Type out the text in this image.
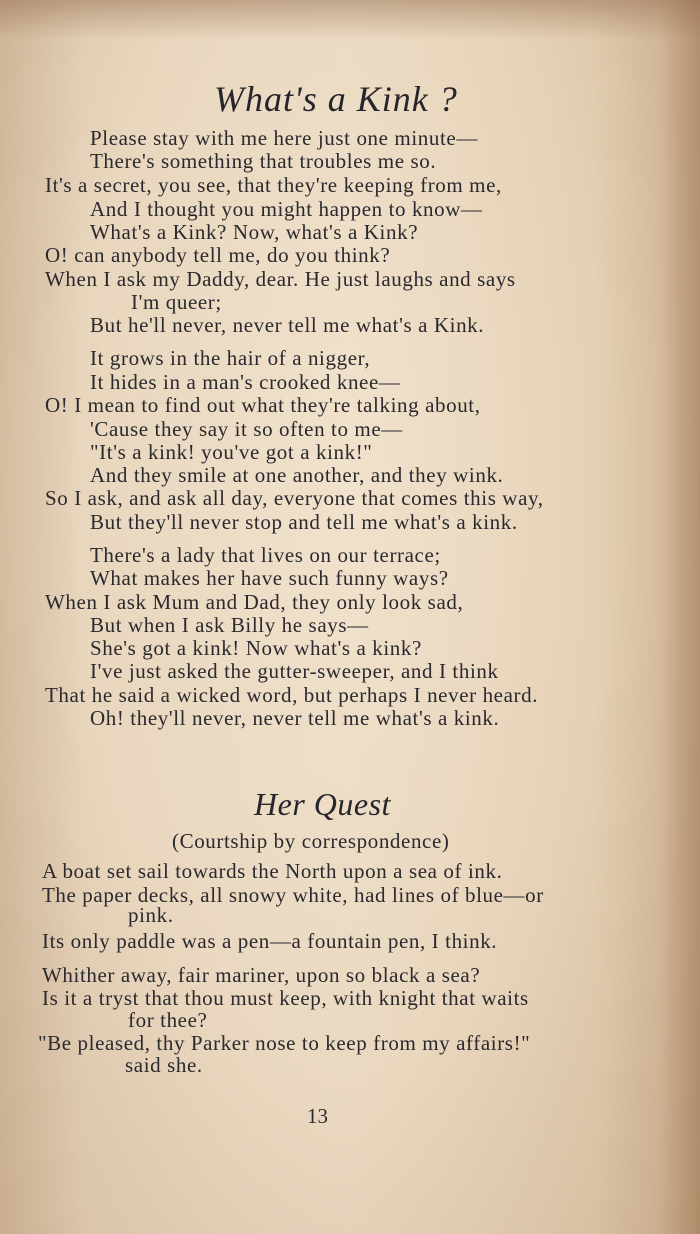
What's a Kink ?
Please stay with me here just one minute—
There's something that troubles me so.
It's a secret, you see, that they're keeping from me,
And I thought you might happen to know—
What's a Kink? Now, what's a Kink?
O! can anybody tell me, do you think?
When I ask my Daddy, dear. He just laughs and says
I'm queer;
But he'll never, never tell me what's a Kink.
It grows in the hair of a nigger,
It hides in a man's crooked knee—
O! I mean to find out what they're talking about,
'Cause they say it so often to me—
"It's a kink! you've got a kink!"
And they smile at one another, and they wink.
So I ask, and ask all day, everyone that comes this way,
But they'll never stop and tell me what's a kink.
There's a lady that lives on our terrace;
What makes her have such funny ways?
When I ask Mum and Dad, they only look sad,
But when I ask Billy he says—
She's got a kink! Now what's a kink?
I've just asked the gutter-sweeper, and I think
That he said a wicked word, but perhaps I never heard.
Oh! they'll never, never tell me what's a kink.
Her Quest
(Courtship by correspondence)
A boat set sail towards the North upon a sea of ink.
The paper decks, all snowy white, had lines of blue—or
pink.
Its only paddle was a pen—a fountain pen, I think.
Whither away, fair mariner, upon so black a sea?
Is it a tryst that thou must keep, with knight that waits
for thee?
"Be pleased, thy Parker nose to keep from my affairs!"
said she.
13
